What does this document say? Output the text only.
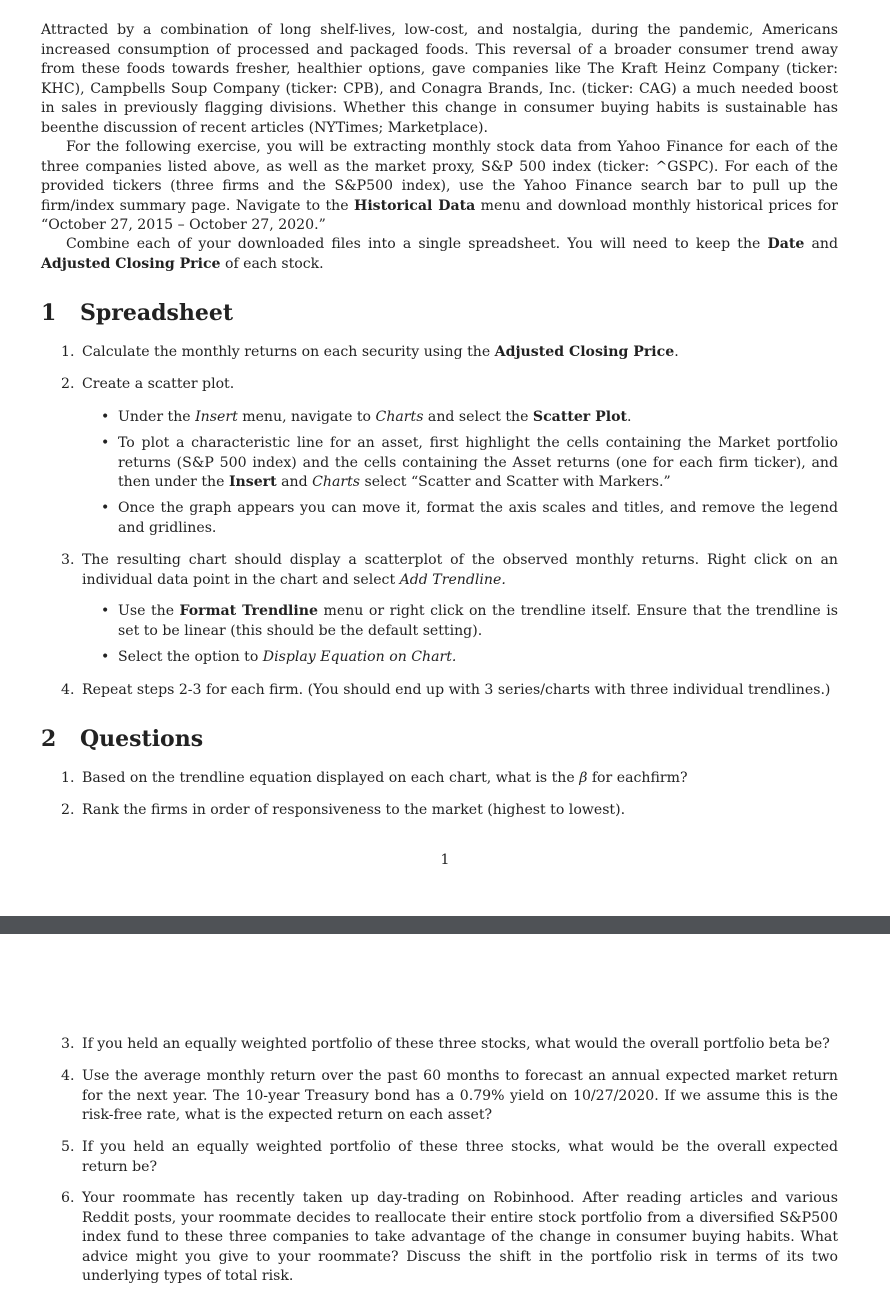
Attracted by a combination of long shelf-lives, low-cost, and nostalgia, during the pandemic, Americans increased consumption of processed and packaged foods. This reversal of a broader consumer trend away from these foods towards fresher, healthier options, gave companies like The Kraft Heinz Company (ticker: KHC), Campbells Soup Company (ticker: CPB), and Conagra Brands, Inc. (ticker: CAG) a much needed boost in sales in previously flagging divisions. Whether this change in consumer buying habits is sustainable has beenthe discussion of recent articles (NYTimes; Marketplace).

For the following exercise, you will be extracting monthly stock data from Yahoo Finance for each of the three companies listed above, as well as the market proxy, S&P 500 index (ticker: ^GSPC). For each of the provided tickers (three firms and the S&P500 index), use the Yahoo Finance search bar to pull up the firm/index summary page. Navigate to the Historical Data menu and download monthly historical prices for “October 27, 2015 – October 27, 2020.”

Combine each of your downloaded files into a single spreadsheet. You will need to keep the Date and Adjusted Closing Price of each stock.

1 Spreadsheet
1. Calculate the monthly returns on each security using the Adjusted Closing Price.
2. Create a scatter plot.
• Under the Insert menu, navigate to Charts and select the Scatter Plot.
• To plot a characteristic line for an asset, first highlight the cells containing the Market portfolio returns (S&P 500 index) and the cells containing the Asset returns (one for each firm ticker), and then under the Insert and Charts select “Scatter and Scatter with Markers.”
• Once the graph appears you can move it, format the axis scales and titles, and remove the legend and gridlines.
3. The resulting chart should display a scatterplot of the observed monthly returns. Right click on an individual data point in the chart and select Add Trendline.
• Use the Format Trendline menu or right click on the trendline itself. Ensure that the trendline is set to be linear (this should be the default setting).
• Select the option to Display Equation on Chart.
4. Repeat steps 2-3 for each firm. (You should end up with 3 series/charts with three individual trendlines.)
2 Questions
1. Based on the trendline equation displayed on each chart, what is the β for eachfirm?
2. Rank the firms in order of responsiveness to the market (highest to lowest).
1
3. If you held an equally weighted portfolio of these three stocks, what would the overall portfolio beta be?
4. Use the average monthly return over the past 60 months to forecast an annual expected market return for the next year. The 10-year Treasury bond has a 0.79% yield on 10/27/2020. If we assume this is the risk-free rate, what is the expected return on each asset?
5. If you held an equally weighted portfolio of these three stocks, what would be the overall expected return be?
6. Your roommate has recently taken up day-trading on Robinhood. After reading articles and various Reddit posts, your roommate decides to reallocate their entire stock portfolio from a diversified S&P500 index fund to these three companies to take advantage of the change in consumer buying habits. What advice might you give to your roommate? Discuss the shift in the portfolio risk in terms of its two underlying types of total risk.
